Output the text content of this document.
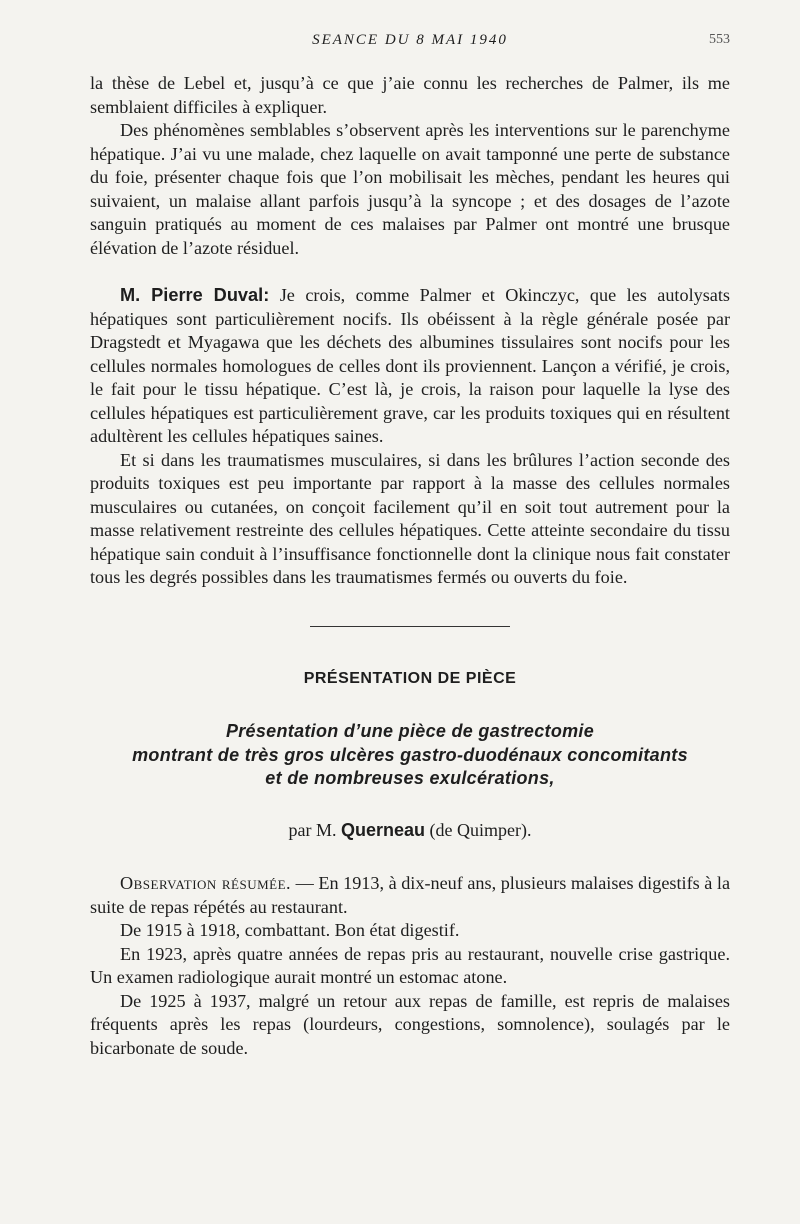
SEANCE DU 8 MAI 1940	553

la thèse de Lebel et, jusqu’à ce que j’aie connu les recherches de Palmer, ils me semblaient difficiles à expliquer.

Des phénomènes semblables s’observent après les interventions sur le parenchyme hépatique. J’ai vu une malade, chez laquelle on avait tamponné une perte de substance du foie, présenter chaque fois que l’on mobilisait les mèches, pendant les heures qui suivaient, un malaise allant parfois jusqu’à la syncope ; et des dosages de l’azote sanguin pratiqués au moment de ces malaises par Palmer ont montré une brusque élévation de l’azote résiduel.

M. Pierre Duval: Je crois, comme Palmer et Okinczyc, que les autolysats hépatiques sont particulièrement nocifs. Ils obéissent à la règle générale posée par Dragstedt et Myagawa que les déchets des albumines tissulaires sont nocifs pour les cellules normales homologues de celles dont ils proviennent. Lançon a vérifié, je crois, le fait pour le tissu hépatique. C’est là, je crois, la raison pour laquelle la lyse des cellules hépatiques est particulièrement grave, car les produits toxiques qui en résultent adultèrent les cellules hépatiques saines.

Et si dans les traumatismes musculaires, si dans les brûlures l’action seconde des produits toxiques est peu importante par rapport à la masse des cellules normales musculaires ou cutanées, on conçoit facilement qu’il en soit tout autrement pour la masse relativement restreinte des cellules hépatiques. Cette atteinte secondaire du tissu hépatique sain conduit à l’insuffisance fonctionnelle dont la clinique nous fait constater tous les degrés possibles dans les traumatismes fermés ou ouverts du foie.

PRÉSENTATION DE PIÈCE
Présentation d’une pièce de gastrectomie
montrant de très gros ulcères gastro-duodénaux concomitants
et de nombreuses exulcérations,
par M. Querneau (de Quimper).

Observation résumée. — En 1913, à dix-neuf ans, plusieurs malaises digestifs à la suite de repas répétés au restaurant.

De 1915 à 1918, combattant. Bon état digestif.

En 1923, après quatre années de repas pris au restaurant, nouvelle crise gastrique. Un examen radiologique aurait montré un estomac atone.

De 1925 à 1937, malgré un retour aux repas de famille, est repris de malaises fréquents après les repas (lourdeurs, congestions, somnolence), soulagés par le bicarbonate de soude.
